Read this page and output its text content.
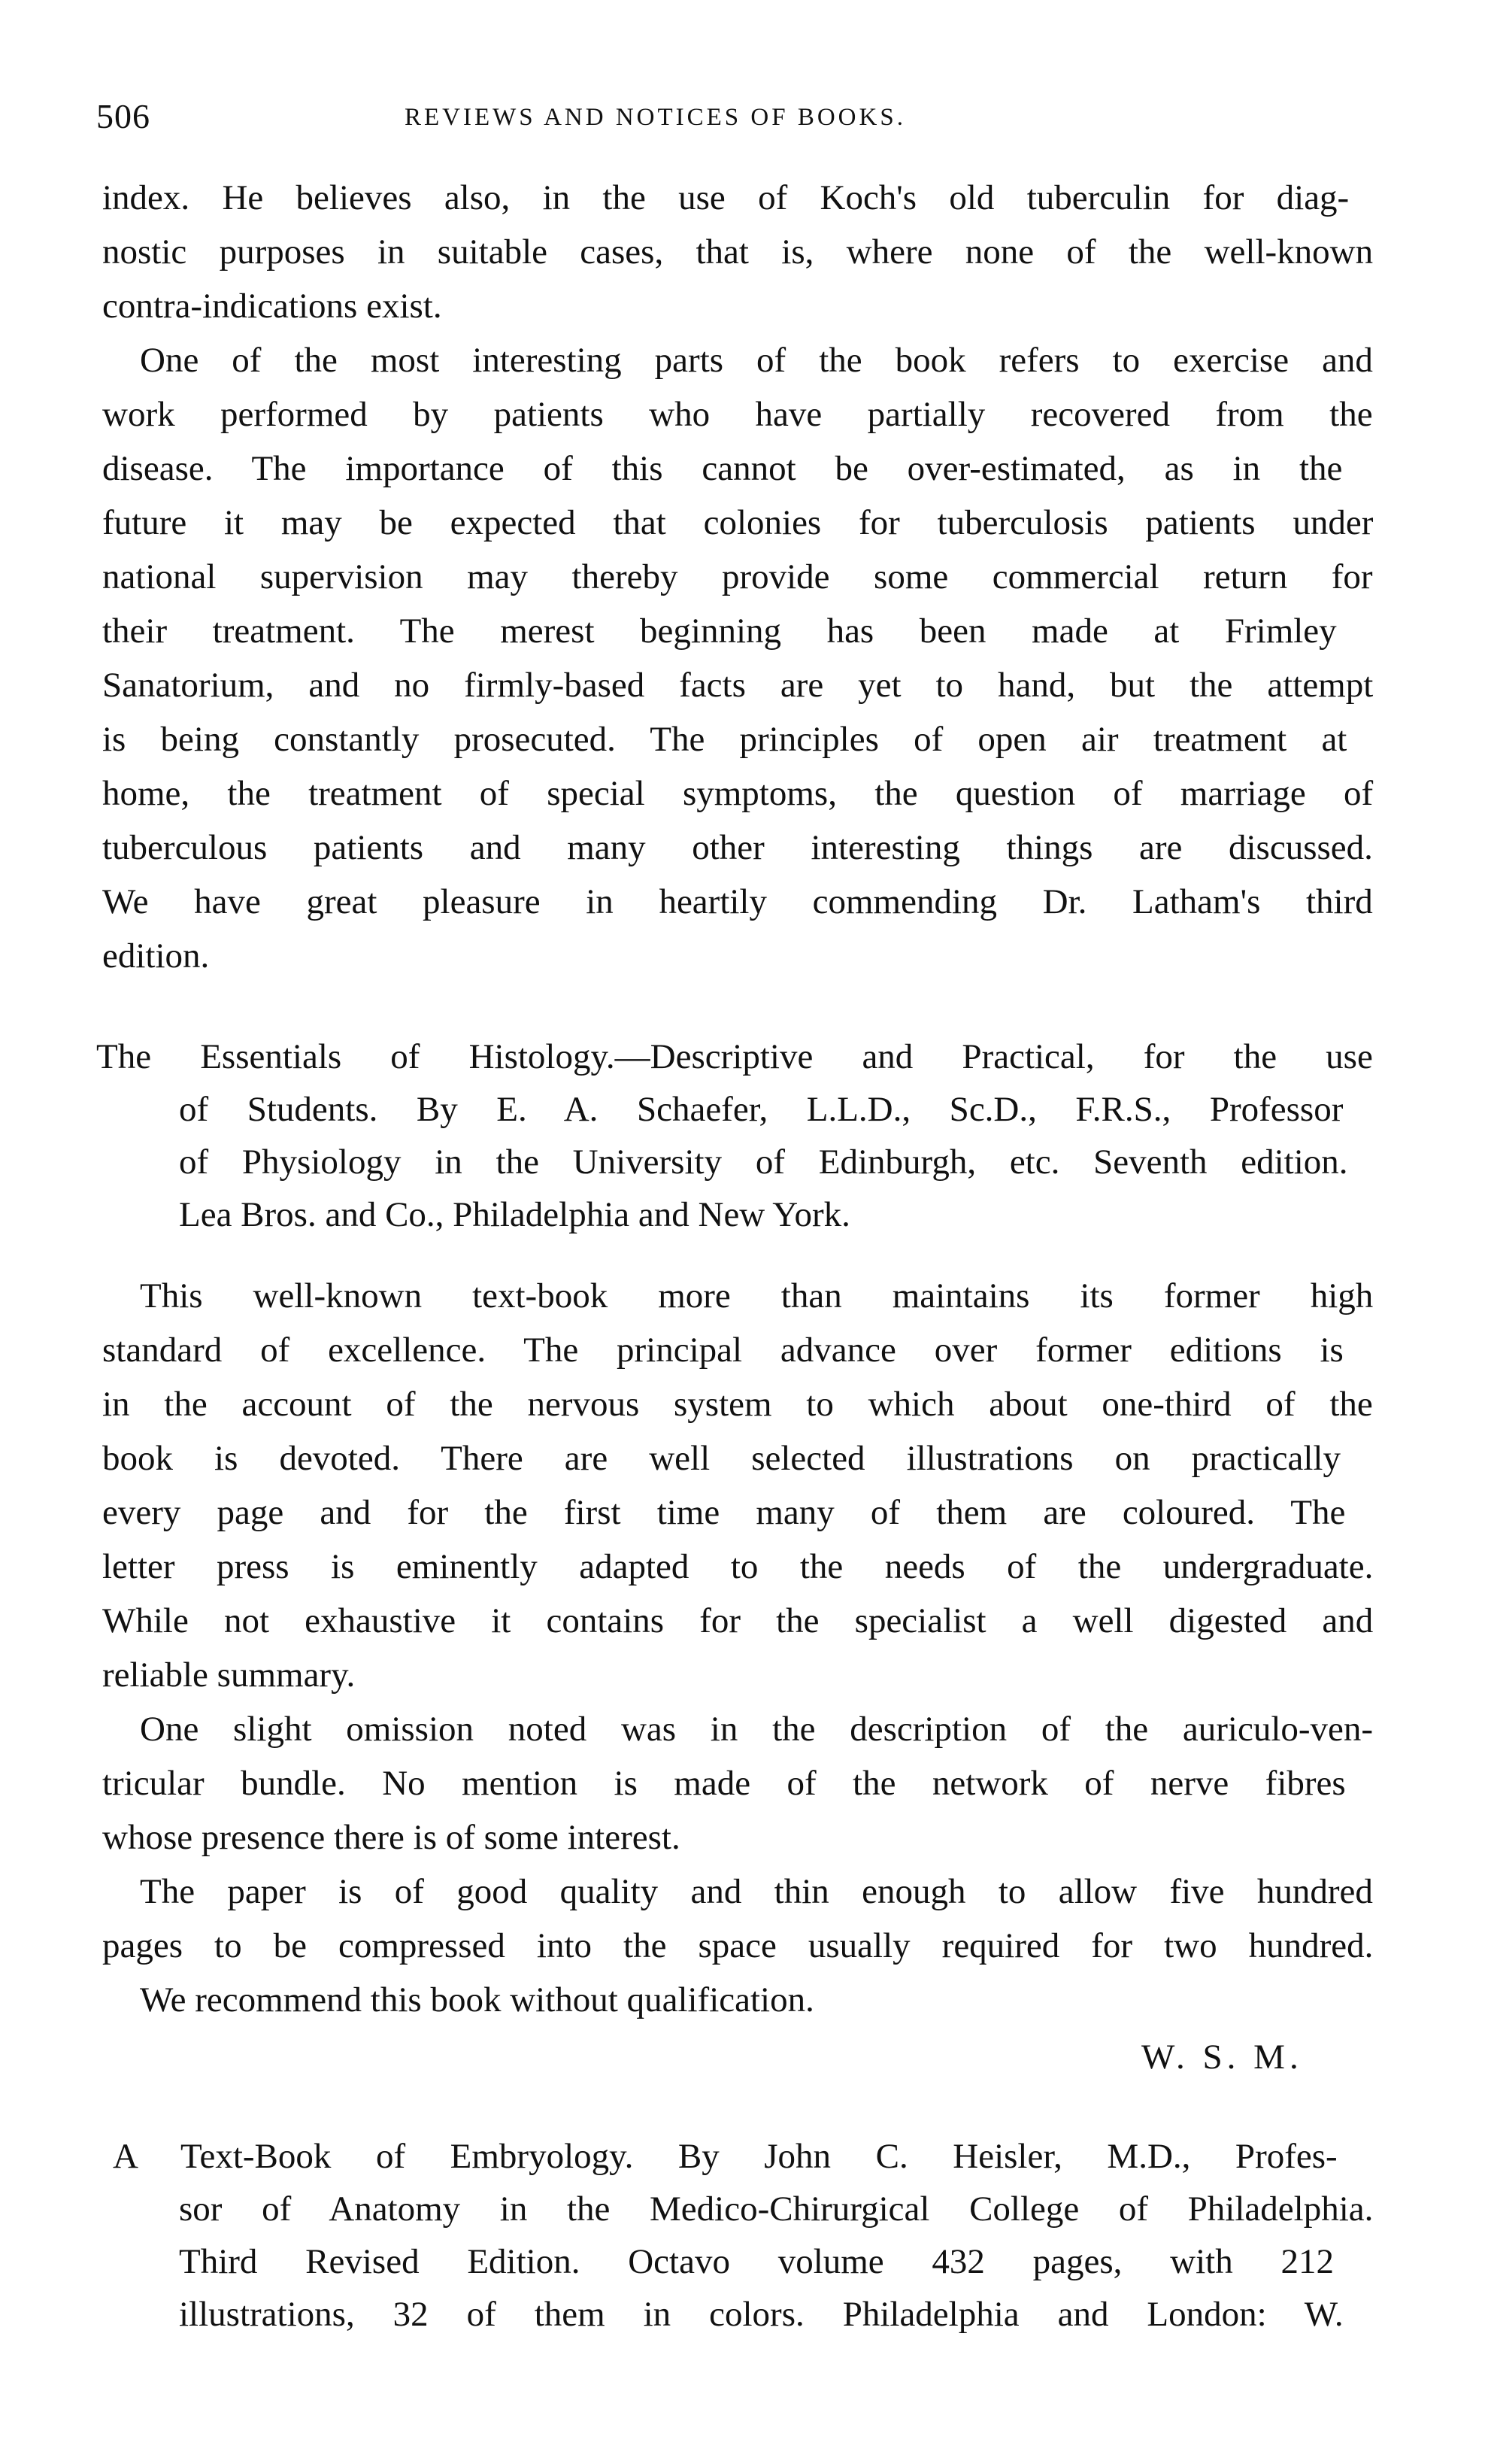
506	REVIEWS AND NOTICES OF BOOKS.
index. He believes also, in the use of Koch's old tuberculin for diag-
nostic purposes in suitable cases, that is, where none of the well-known
contra-indications exist.
One of the most interesting parts of the book refers to exercise and
work performed by patients who have partially recovered from the
disease. The importance of this cannot be over-estimated, as in the
future it may be expected that colonies for tuberculosis patients under
national supervision may thereby provide some commercial return for
their treatment. The merest beginning has been made at Frimley
Sanatorium, and no firmly-based facts are yet to hand, but the attempt
is being constantly prosecuted. The principles of open air treatment at
home, the treatment of special symptoms, the question of marriage of
tuberculous patients and many other interesting things are discussed.
We have great pleasure in heartily commending Dr. Latham's third
edition.
The Essentials of Histology.—Descriptive and Practical, for the use
of Students. By E. A. Schaefer, L.L.D., Sc.D., F.R.S., Professor
of Physiology in the University of Edinburgh, etc. Seventh edition.
Lea Bros. and Co., Philadelphia and New York.
This well-known text-book more than maintains its former high
standard of excellence. The principal advance over former editions is
in the account of the nervous system to which about one-third of the
book is devoted. There are well selected illustrations on practically
every page and for the first time many of them are coloured. The
letter press is eminently adapted to the needs of the undergraduate.
While not exhaustive it contains for the specialist a well digested and
reliable summary.
One slight omission noted was in the description of the auriculo-ven-
tricular bundle. No mention is made of the network of nerve fibres
whose presence there is of some interest.
The paper is of good quality and thin enough to allow five hundred
pages to be compressed into the space usually required for two hundred.
We recommend this book without qualification.
W. S. M.
A Text-Book of Embryology. By John C. Heisler, M.D., Profes-
sor of Anatomy in the Medico-Chirurgical College of Philadelphia.
Third Revised Edition. Octavo volume 432 pages, with 212
illustrations, 32 of them in colors. Philadelphia and London: W.
